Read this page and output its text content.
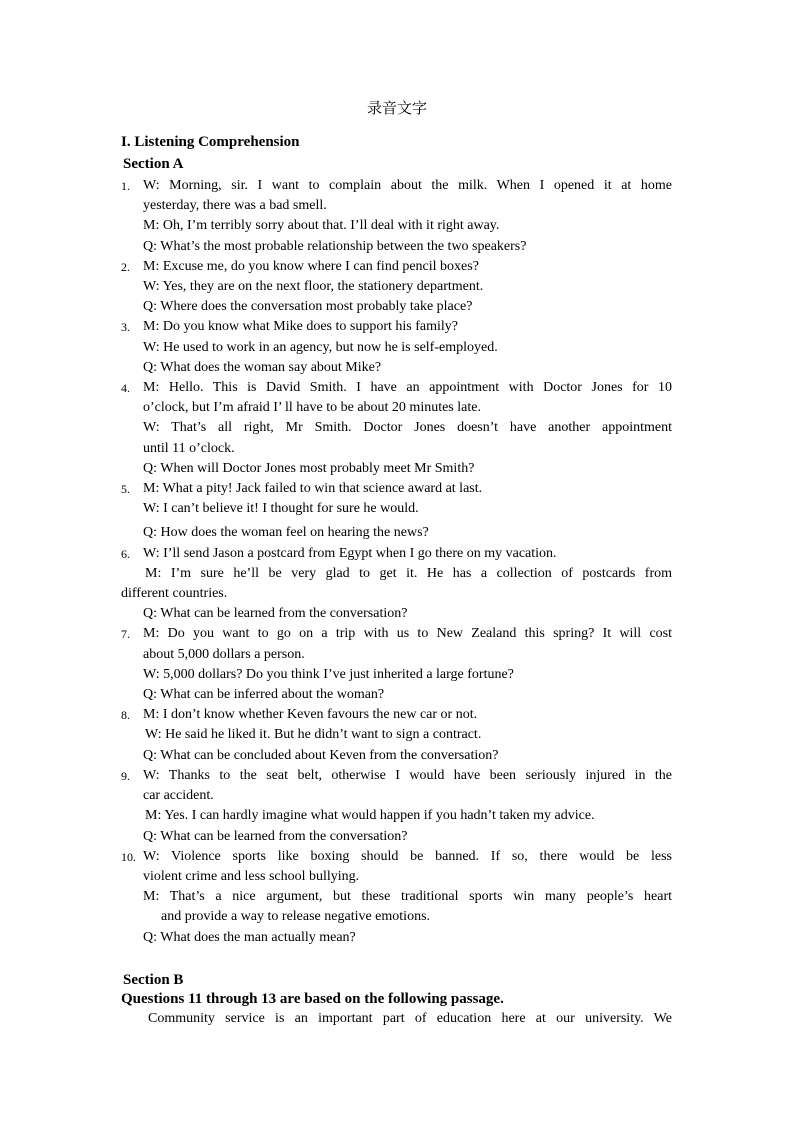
录音文字
I. Listening Comprehension
Section A
1. W: Morning, sir. I want to complain about the milk. When I opened it at home
yesterday, there was a bad smell.
M: Oh, I’m terribly sorry about that. I’ll deal with it right away.
Q: What’s the most probable relationship between the two speakers?
2. M: Excuse me, do you know where I can find pencil boxes?
W: Yes, they are on the next floor, the stationery department.
Q: Where does the conversation most probably take place?
3. M: Do you know what Mike does to support his family?
W: He used to work in an agency, but now he is self-employed.
Q: What does the woman say about Mike?
4. M: Hello. This is David Smith. I have an appointment with Doctor Jones for 10
o’clock, but I’m afraid I’ ll have to be about 20 minutes late.
W: That’s all right, Mr Smith. Doctor Jones doesn’t have another appointment
until 11 o’clock.
Q: When will Doctor Jones most probably meet Mr Smith?
5. M: What a pity! Jack failed to win that science award at last.
W: I can’t believe it! I thought for sure he would.
Q: How does the woman feel on hearing the news?
6. W: I’ll send Jason a postcard from Egypt when I go there on my vacation.
M: I’m sure he’ll be very glad to get it. He has a collection of postcards from
different countries.
Q: What can be learned from the conversation?
7. M: Do you want to go on a trip with us to New Zealand this spring? It will cost
about 5,000 dollars a person.
W: 5,000 dollars? Do you think I’ve just inherited a large fortune?
Q: What can be inferred about the woman?
8. M: I don’t know whether Keven favours the new car or not.
W: He said he liked it. But he didn’t want to sign a contract.
Q: What can be concluded about Keven from the conversation?
9. W: Thanks to the seat belt, otherwise I would have been seriously injured in the
car accident.
M: Yes. I can hardly imagine what would happen if you hadn’t taken my advice.
Q: What can be learned from the conversation?
10. W: Violence sports like boxing should be banned. If so, there would be less
violent crime and less school bullying.
M: That’s a nice argument, but these traditional sports win many people’s heart
and provide a way to release negative emotions.
Q: What does the man actually mean?
Section B
Questions 11 through 13 are based on the following passage.
Community service is an important part of education here at our university. We
